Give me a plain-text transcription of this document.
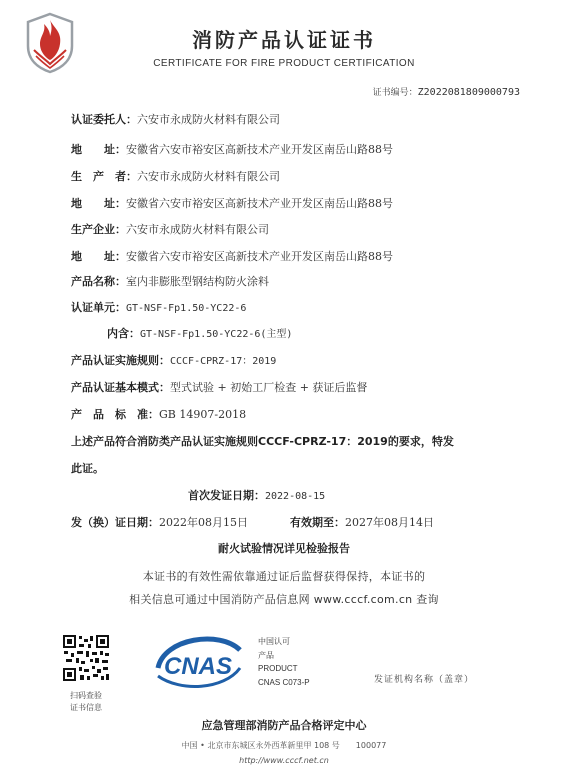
消防产品认证证书
CERTIFICATE FOR FIRE PRODUCT CERTIFICATION
证书编号：Z2022081809000793
认证委托人：六安市永成防火材料有限公司
地　　址：安徽省六安市裕安区高新技术产业开发区南岳山路88号
生　产　者：六安市永成防火材料有限公司
地　　址：安徽省六安市裕安区高新技术产业开发区南岳山路88号
生产企业：六安市永成防火材料有限公司
地　　址：安徽省六安市裕安区高新技术产业开发区南岳山路88号
产品名称：室内非膨胀型钢结构防火涂料
认证单元：GT-NSF-Fp1.50-YC22-6
内含：GT-NSF-Fp1.50-YC22-6(主型)
产品认证实施规则：CCCF-CPRZ-17：2019
产品认证基本模式：型式试验 + 初始工厂检查 + 获证后监督
产　品　标　准：GB 14907-2018
上述产品符合消防类产品认证实施规则CCCF-CPRZ-17：2019的要求，特发
此证。
首次发证日期：2022-08-15
发（换）证日期：2022年08月15日	有效期至：2027年08月14日
耐火试验情况详见检验报告
本证书的有效性需依靠通过证后监督获得保持，本证书的
相关信息可通过中国消防产品信息网 www.cccf.com.cn 查询
扫码查验
证书信息
CNAS
中国认可
产品
PRODUCT
CNAS C073-P	发证机构名称（盖章）
应急管理部消防产品合格评定中心
中国 • 北京市东城区永外西革新里甲 108 号　　100077
http://www.cccf.net.cn
